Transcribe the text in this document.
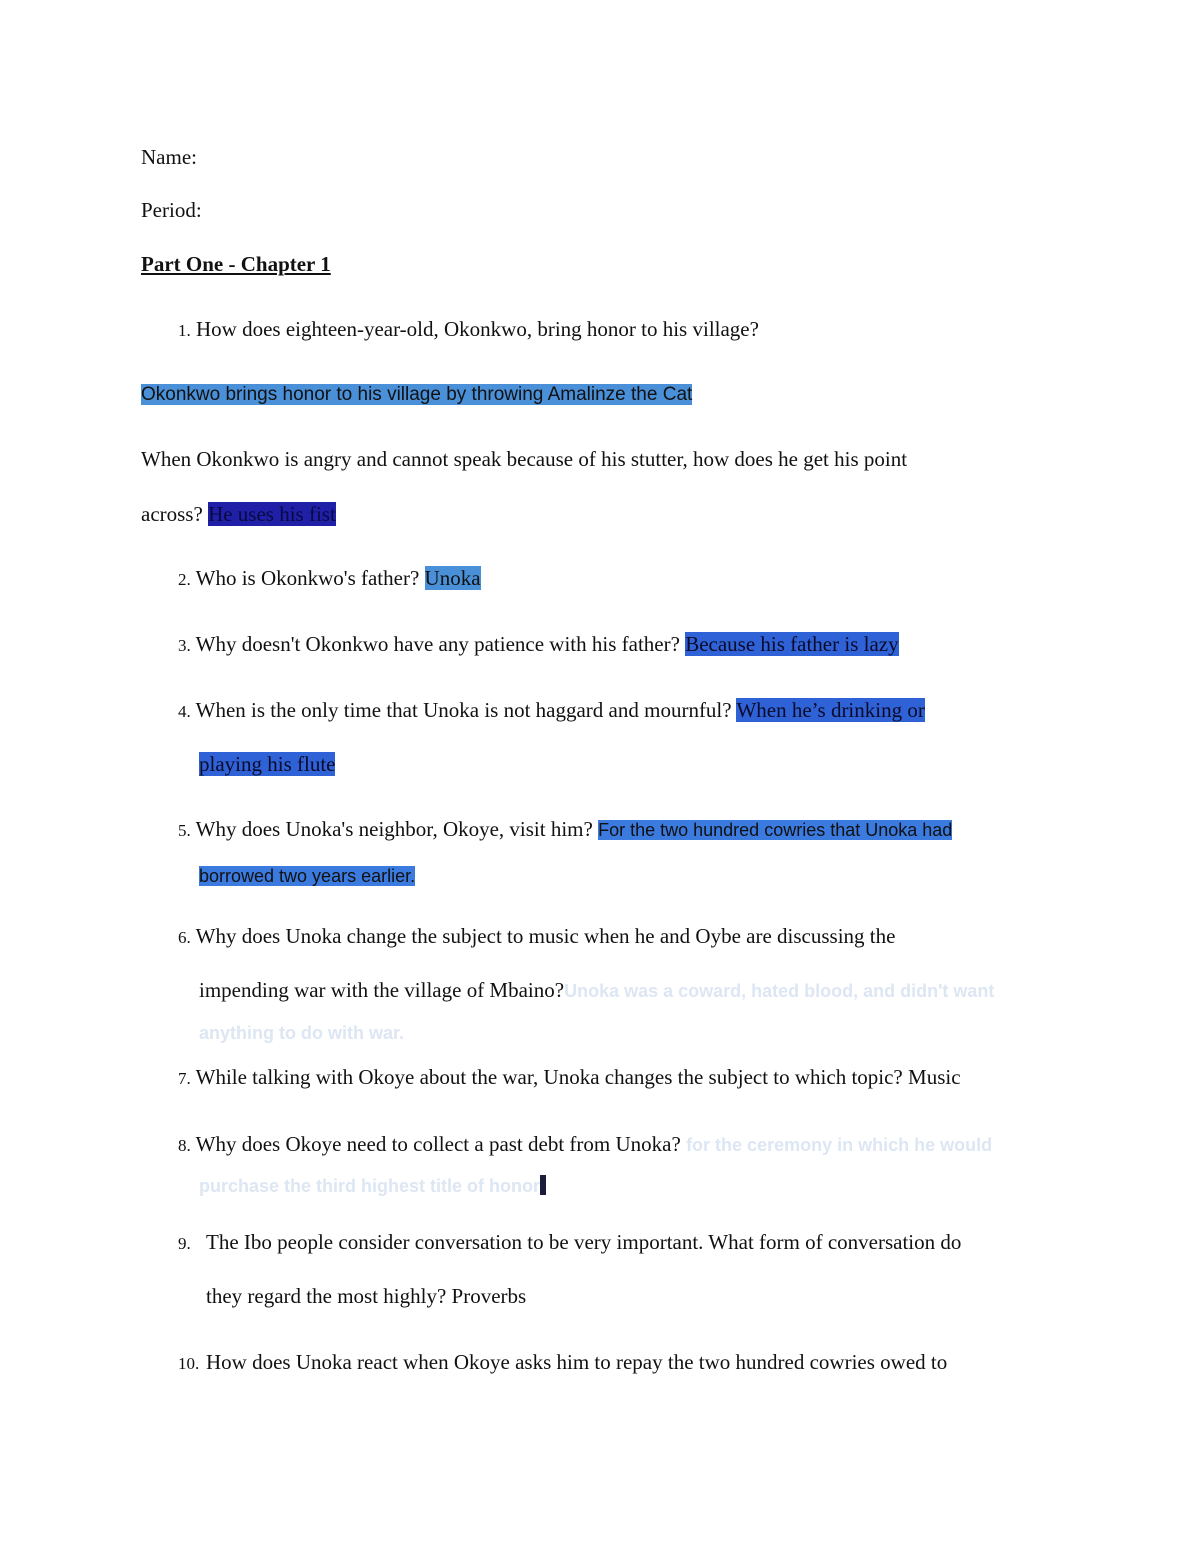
Name:
Period:
Part One - Chapter 1
1. How does eighteen-year-old, Okonkwo, bring honor to his village?
Okonkwo brings honor to his village by throwing Amalinze the Cat
When Okonkwo is angry and cannot speak because of his stutter, how does he get his point
across? He uses his fist
2. Who is Okonkwo's father? Unoka
3. Why doesn't Okonkwo have any patience with his father? Because his father is lazy
4. When is the only time that Unoka is not haggard and mournful? When he’s drinking or
playing his flute
5. Why does Unoka's neighbor, Okoye, visit him? For the two hundred cowries that Unoka had
borrowed two years earlier.
6. Why does Unoka change the subject to music when he and Oybe are discussing the
impending war with the village of Mbaino?Unoka was a coward, hated blood, and didn't want
anything to do with war.
7. While talking with Okoye about the war, Unoka changes the subject to which topic? Music
8. Why does Okoye need to collect a past debt from Unoka? for the ceremony in which he would
purchase the third highest title of honor
9. The Ibo people consider conversation to be very important. What form of conversation do
they regard the most highly? Proverbs
10. How does Unoka react when Okoye asks him to repay the two hundred cowries owed to
